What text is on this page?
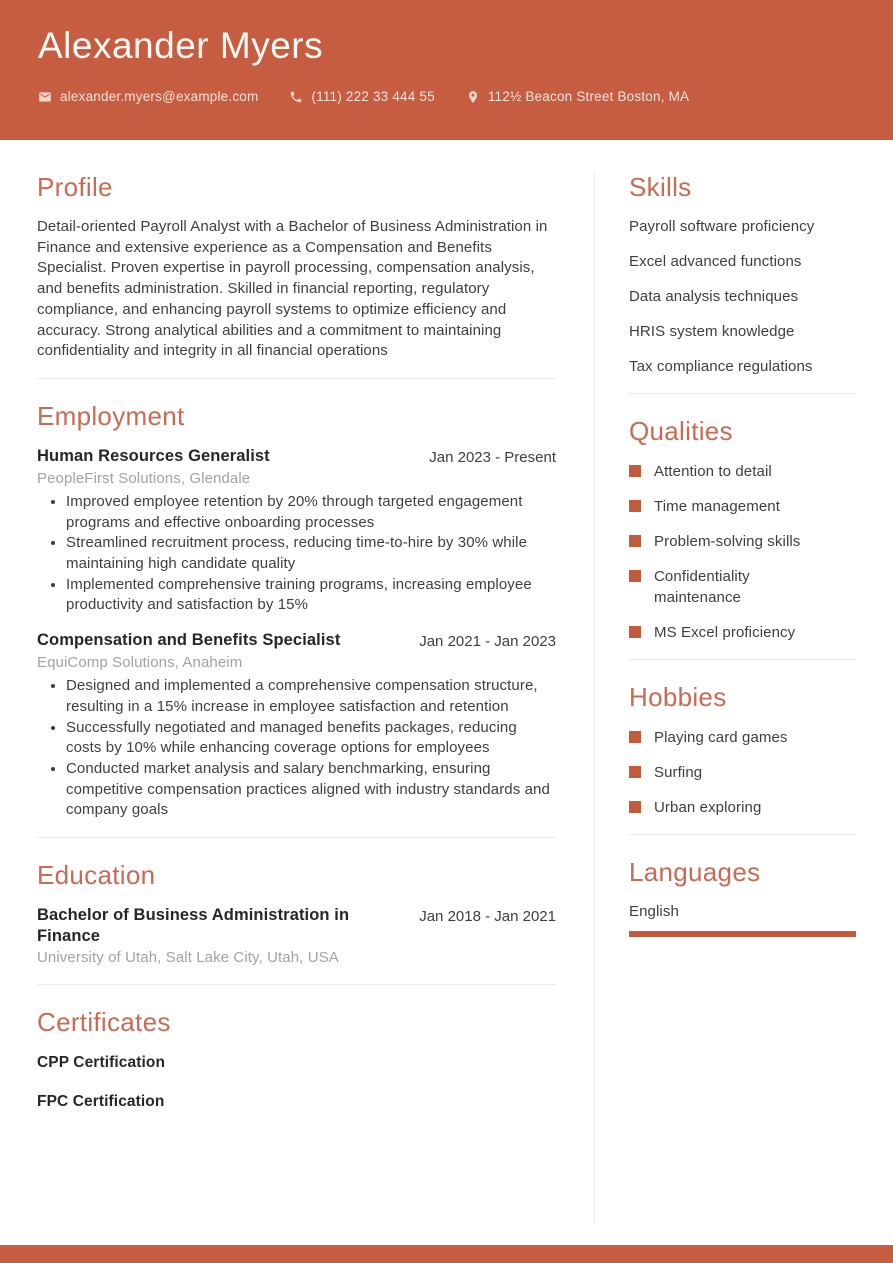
Alexander Myers
alexander.myers@example.com	(111) 222 33 444 55	112½ Beacon Street Boston, MA
Profile

Detail-oriented Payroll Analyst with a Bachelor of Business Administration in Finance and extensive experience as a Compensation and Benefits Specialist. Proven expertise in payroll processing, compensation analysis, and benefits administration. Skilled in financial reporting, regulatory compliance, and enhancing payroll systems to optimize efficiency and accuracy. Strong analytical abilities and a commitment to maintaining confidentiality and integrity in all financial operations

Employment
Human Resources Generalist	Jan 2023 - Present
PeopleFirst Solutions, Glendale
• Improved employee retention by 20% through targeted engagement programs and effective onboarding processes
• Streamlined recruitment process, reducing time-to-hire by 30% while maintaining high candidate quality
• Implemented comprehensive training programs, increasing employee productivity and satisfaction by 15%
Compensation and Benefits Specialist	Jan 2021 - Jan 2023
EquiComp Solutions, Anaheim
• Designed and implemented a comprehensive compensation structure, resulting in a 15% increase in employee satisfaction and retention
• Successfully negotiated and managed benefits packages, reducing costs by 10% while enhancing coverage options for employees
• Conducted market analysis and salary benchmarking, ensuring competitive compensation practices aligned with industry standards and company goals
Education
Bachelor of Business Administration in Finance
Jan 2018 - Jan 2021
University of Utah, Salt Lake City, Utah, USA
Certificates
CPP Certification
FPC Certification
Skills
Payroll software proficiency
Excel advanced functions
Data analysis techniques
HRIS system knowledge
Tax compliance regulations
Qualities
Attention to detail
Time management
Problem-solving skills
Confidentiality maintenance
MS Excel proficiency
Hobbies
Playing card games
Surfing
Urban exploring
Languages
English
